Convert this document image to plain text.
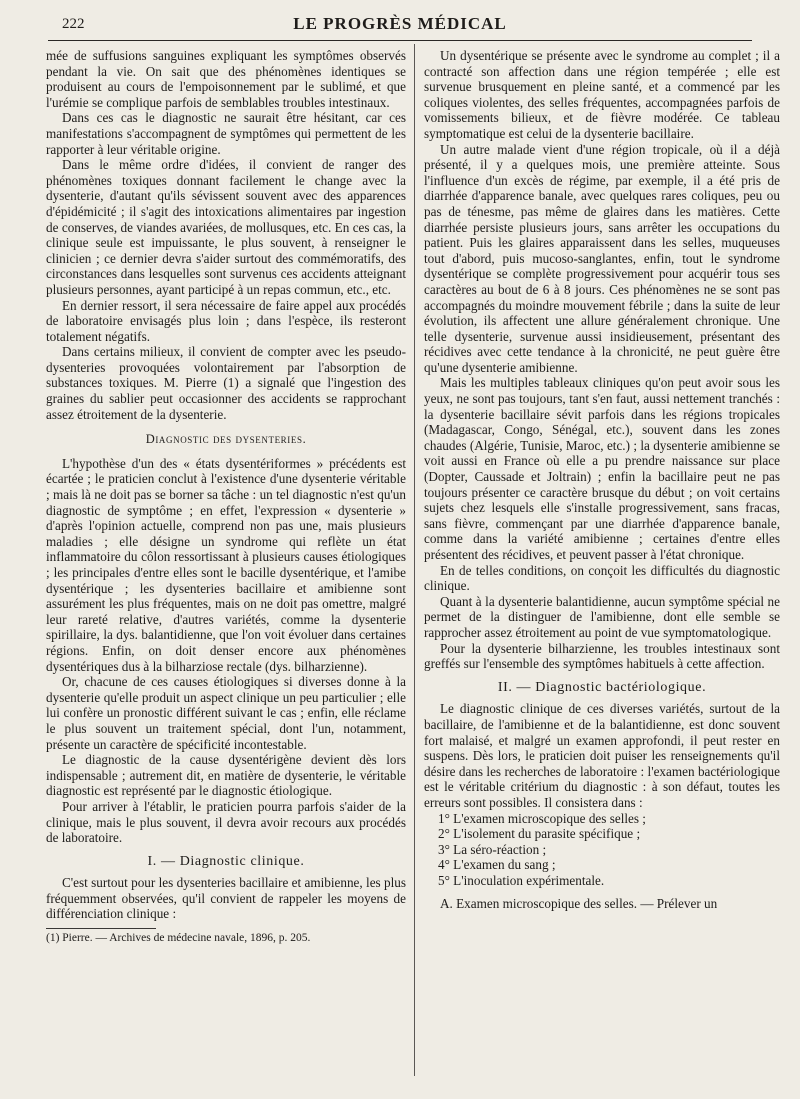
222	LE PROGRÈS MÉDICAL

mée de suffusions sanguines expliquant les symptômes observés pendant la vie. On sait que des phénomènes identiques se produisent au cours de l'empoisonnement par le sublimé, et que l'urémie se complique parfois de semblables troubles intestinaux.

Dans ces cas le diagnostic ne saurait être hésitant, car ces manifestations s'accompagnent de symptômes qui permettent de les rapporter à leur véritable origine.

Dans le même ordre d'idées, il convient de ranger des phénomènes toxiques donnant facilement le change avec la dysenterie, d'autant qu'ils sévissent souvent avec des apparences d'épidémicité ; il s'agit des intoxications alimentaires par ingestion de conserves, de viandes avariées, de mollusques, etc. En ces cas, la clinique seule est impuissante, le plus souvent, à renseigner le clinicien ; ce dernier devra s'aider surtout des commémoratifs, des circonstances dans lesquelles sont survenus ces accidents atteignant plusieurs personnes, ayant participé à un repas commun, etc., etc.

En dernier ressort, il sera nécessaire de faire appel aux procédés de laboratoire envisagés plus loin ; dans l'espèce, ils resteront totalement négatifs.

Dans certains milieux, il convient de compter avec les pseudo-dysenteries provoquées volontairement par l'absorption de substances toxiques. M. Pierre (1) a signalé que l'ingestion des graines du sablier peut occasionner des accidents se rapprochant assez étroitement de la dysenterie.

Diagnostic des dysenteries.

L'hypothèse d'un des « états dysentériformes » précédents est écartée ; le praticien conclut à l'existence d'une dysenterie véritable ; mais là ne doit pas se borner sa tâche : un tel diagnostic n'est qu'un diagnostic de symptôme ; en effet, l'expression « dysenterie » d'après l'opinion actuelle, comprend non pas une, mais plusieurs maladies ; elle désigne un syndrome qui reflète un état inflammatoire du côlon ressortissant à plusieurs causes étiologiques ; les principales d'entre elles sont le bacille dysentérique, et l'amibe dysentérique ; les dysenteries bacillaire et amibienne sont assurément les plus fréquentes, mais on ne doit pas omettre, malgré leur rareté relative, d'autres variétés, comme la dysenterie spirillaire, la dys. balantidienne, que l'on voit évoluer dans certaines régions. Enfin, on doit denser encore aux phénomènes dysentériques dus à la bilharziose rectale (dys. bilharzienne).

Or, chacune de ces causes étiologiques si diverses donne à la dysenterie qu'elle produit un aspect clinique un peu particulier ; elle lui confère un pronostic différent suivant le cas ; enfin, elle réclame le plus souvent un traitement spécial, dont l'un, notamment, présente un caractère de spécificité incontestable.

Le diagnostic de la cause dysentérigène devient dès lors indispensable ; autrement dit, en matière de dysenterie, le véritable diagnostic est représenté par le diagnostic étiologique.

Pour arriver à l'établir, le praticien pourra parfois s'aider de la clinique, mais le plus souvent, il devra avoir recours aux procédés de laboratoire.

I. — Diagnostic clinique.

C'est surtout pour les dysenteries bacillaire et amibienne, les plus fréquemment observées, qu'il convient de rappeler les moyens de différenciation clinique :

(1) Pierre. — Archives de médecine navale, 1896, p. 205.

Un dysentérique se présente avec le syndrome au complet ; il a contracté son affection dans une région tempérée ; elle est survenue brusquement en pleine santé, et a commencé par les coliques violentes, des selles fréquentes, accompagnées parfois de vomissements bilieux, et de fièvre modérée. Ce tableau symptomatique est celui de la dysenterie bacillaire.

Un autre malade vient d'une région tropicale, où il a déjà présenté, il y a quelques mois, une première atteinte. Sous l'influence d'un excès de régime, par exemple, il a été pris de diarrhée d'apparence banale, avec quelques rares coliques, peu ou pas de ténesme, pas même de glaires dans les matières. Cette diarrhée persiste plusieurs jours, sans arrêter les occupations du patient. Puis les glaires apparaissent dans les selles, muqueuses tout d'abord, puis mucoso-sanglantes, enfin, tout le syndrome dysentérique se complète progressivement pour acquérir tous ses caractères au bout de 6 à 8 jours. Ces phénomènes ne se sont pas accompagnés du moindre mouvement fébrile ; dans la suite de leur évolution, ils affectent une allure généralement chronique. Une telle dysenterie, survenue aussi insidieusement, présentant des récidives avec cette tendance à la chronicité, ne peut guère être qu'une dysenterie amibienne.

Mais les multiples tableaux cliniques qu'on peut avoir sous les yeux, ne sont pas toujours, tant s'en faut, aussi nettement tranchés : la dysenterie bacillaire sévit parfois dans les régions tropicales (Madagascar, Congo, Sénégal, etc.), souvent dans les zones chaudes (Algérie, Tunisie, Maroc, etc.) ; la dysenterie amibienne se voit aussi en France où elle a pu prendre naissance sur place (Dopter, Caussade et Joltrain) ; enfin la bacillaire peut ne pas toujours présenter ce caractère brusque du début ; on voit certains sujets chez lesquels elle s'installe progressivement, sans fracas, sans fièvre, commençant par une diarrhée d'apparence banale, comme dans la variété amibienne ; certaines d'entre elles présentent des récidives, et peuvent passer à l'état chronique.

En de telles conditions, on conçoit les difficultés du diagnostic clinique.

Quant à la dysenterie balantidienne, aucun symptôme spécial ne permet de la distinguer de l'amibienne, dont elle semble se rapprocher assez étroitement au point de vue symptomatologique.

Pour la dysenterie bilharzienne, les troubles intestinaux sont greffés sur l'ensemble des symptômes habituels à cette affection.

II. — Diagnostic bactériologique.

Le diagnostic clinique de ces diverses variétés, surtout de la bacillaire, de l'amibienne et de la balantidienne, est donc souvent fort malaisé, et malgré un examen approfondi, il peut rester en suspens. Dès lors, le praticien doit puiser les renseignements qu'il désire dans les recherches de laboratoire : l'examen bactériologique est le véritable critérium du diagnostic : à son défaut, toutes les erreurs sont possibles. Il consistera dans :

1° L'examen microscopique des selles ;

2° L'isolement du parasite spécifique ;

3° La séro-réaction ;

4° L'examen du sang ;

5° L'inoculation expérimentale.

A. Examen microscopique des selles. — Prélever un
